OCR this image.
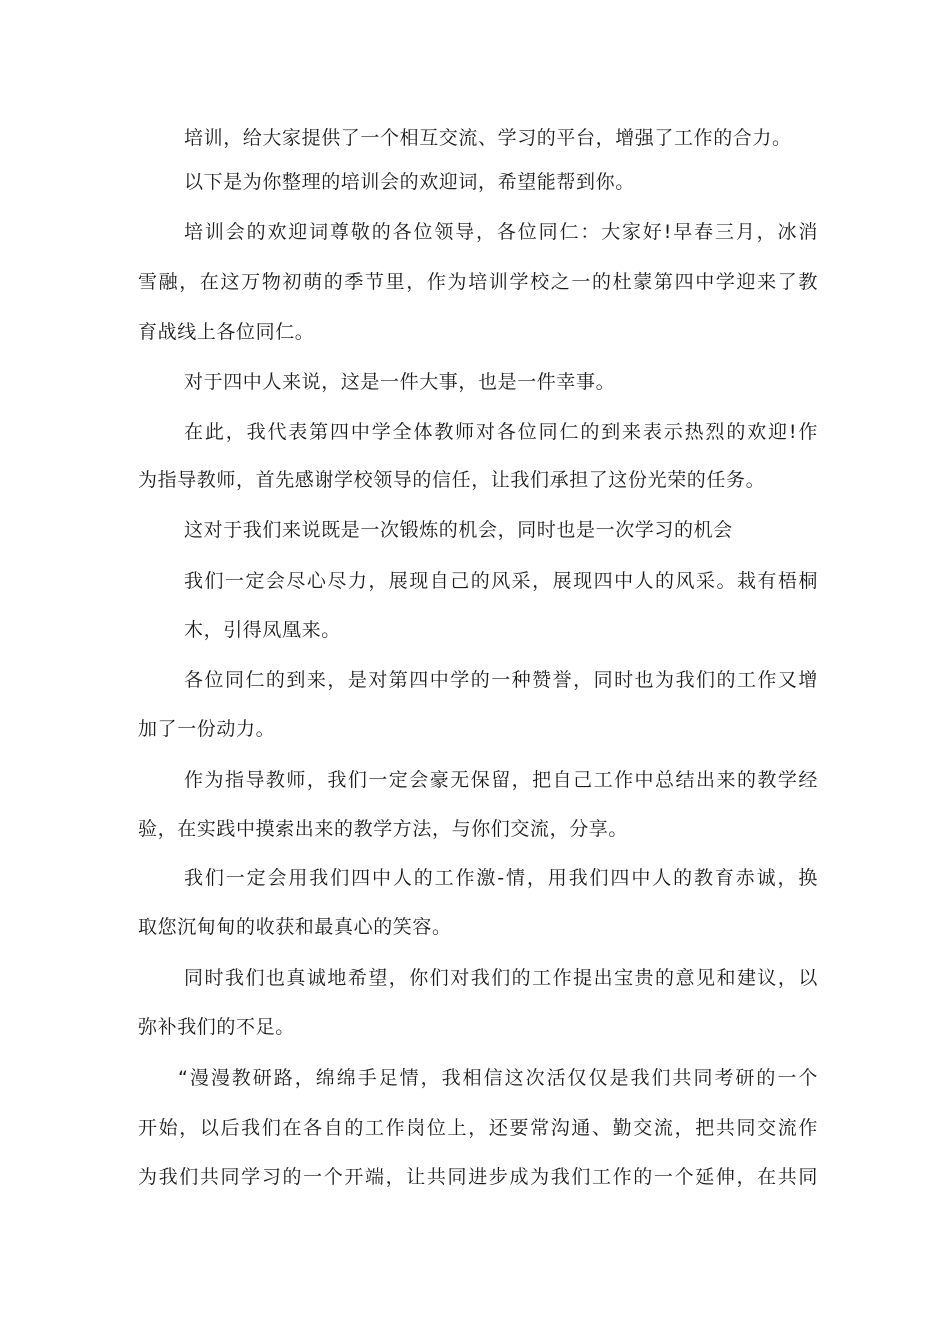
培训，给大家提供了一个相互交流、学习的平台，增强了工作的合力。
以下是为你整理的培训会的欢迎词，希望能帮到你。
培训会的欢迎词尊敬的各位领导，各位同仁：大家好!早春三月，冰消
雪融，在这万物初萌的季节里，作为培训学校之一的杜蒙第四中学迎来了教
育战线上各位同仁。
对于四中人来说，这是一件大事，也是一件幸事。
在此，我代表第四中学全体教师对各位同仁的到来表示热烈的欢迎!作
为指导教师，首先感谢学校领导的信任，让我们承担了这份光荣的任务。
这对于我们来说既是一次锻炼的机会，同时也是一次学习的机会
我们一定会尽心尽力，展现自己的风采，展现四中人的风采。栽有梧桐
木，引得凤凰来。
各位同仁的到来，是对第四中学的一种赞誉，同时也为我们的工作又增
加了一份动力。
作为指导教师，我们一定会豪无保留，把自己工作中总结出来的教学经
验，在实践中摸索出来的教学方法，与你们交流，分享。
我们一定会用我们四中人的工作激-情，用我们四中人的教育赤诚，换
取您沉甸甸的收获和最真心的笑容。
同时我们也真诚地希望，你们对我们的工作提出宝贵的意见和建议，以
弥补我们的不足。
“漫漫教研路，绵绵手足情，我相信这次活仅仅是我们共同考研的一个
开始，以后我们在各自的工作岗位上，还要常沟通、勤交流，把共同交流作
为我们共同学习的一个开端，让共同进步成为我们工作的一个延伸，在共同
